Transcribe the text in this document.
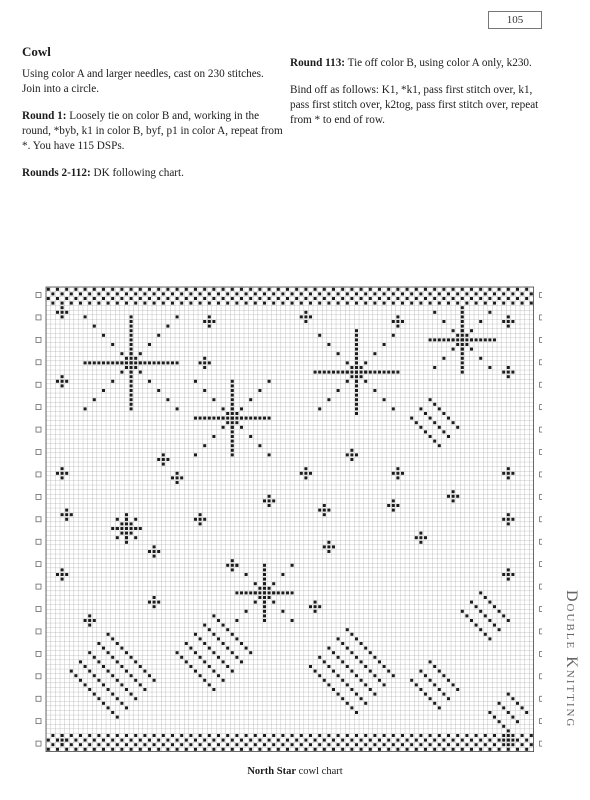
105
Cowl

Using color A and larger needles, cast on 230 stitches. Join into a circle.

Round 1: Loosely tie on color B and, working in the round, *byb, k1 in color B, byf, p1 in color A, repeat from *. You have 115 DSPs.

Rounds 2-112: DK following chart.

Round 113: Tie off color B, using color A only, k230.

Bind off as follows: K1, *k1, pass first stitch over, k1, pass first stitch over, k2tog, pass first stitch over, repeat from * to end of row.

Double Knitting
North Star cowl chart
